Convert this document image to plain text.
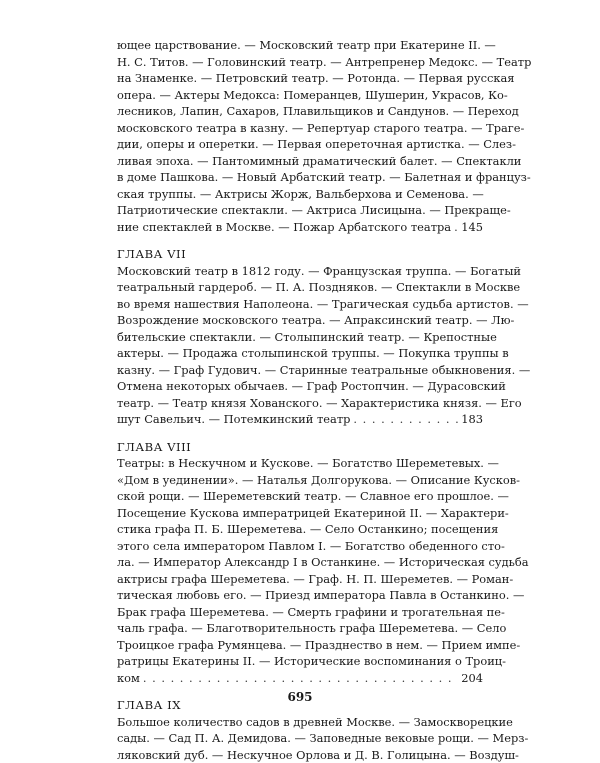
ющее царствование. — Московский театр при Екатерине II. —
Н. С. Титов. — Головинский театр. — Антрепренер Медокс. — Театр
на Знаменке. — Петровский театр. — Ротонда. — Первая русская
опера. — Актеры Медокса: Померанцев, Шушерин, Украсов, Ко-
лесников, Лапин, Сахаров, Плавильщиков и Сандунов. — Переход
московского театра в казну. — Репертуар старого театра. — Траге-
дии, оперы и оперетки. — Первая опереточная артистка. — Слез-
ливая эпоха. — Пантомимный драматический балет. — Спектакли
в доме Пашкова. — Новый Арбатский театр. — Балетная и француз-
ская труппы. — Актрисы Жорж, Вальберхова и Семенова. —
Патриотические спектакли. — Актриса Лисицына. — Прекраще-
ние спектаклей в Москве. — Пожар Арбатского театра . . . 145
ГЛАВА VII
Московский театр в 1812 году. — Французская труппа. — Богатый
театральный гардероб. — П. А. Поздняков. — Спектакли в Москве
во время нашествия Наполеона. — Трагическая судьба артистов. —
Возрождение московского театра. — Апраксинский театр. — Лю-
бительские спектакли. — Столыпинский театр. — Крепостные
актеры. — Продажа столыпинской труппы. — Покупка труппы в
казну. — Граф Гудович. — Старинные театральные обыкновения. —
Отмена некоторых обычаев. — Граф Ростопчин. — Дурасовский
театр. — Театр князя Хованского. — Характеристика князя. — Его
шут Савельич. — Потемкинский театр . . .	183
ГЛАВА VIII
Театры: в Нескучном и Кускове. — Богатство Шереметевых. —
«Дом в уединении». — Наталья Долгорукова. — Описание Кусков-
ской рощи. — Шереметевский театр. — Славное его прошлое. —
Посещение Кускова императрицей Екатериной II. — Характери-
стика графа П. Б. Шереметева. — Село Останкино; посещения
этого села императором Павлом I. — Богатство обеденного сто-
ла. — Император Александр I в Останкине. — Историческая судьба
актрисы графа Шереметева. — Граф. Н. П. Шереметев. — Роман-
тическая любовь его. — Приезд императора Павла в Останкино. —
Брак графа Шереметева. — Смерть графини и трогательная пе-
чаль графа. — Благотворительность графа Шереметева. — Село
Троицкое графа Румянцева. — Празднество в нем. — Прием импе-
ратрицы Екатерины II. — Исторические воспоминания о Троиц-
ком . . .	204
ГЛАВА IX
Большое количество садов в древней Москве. — Замоскворецкие
сады. — Сад П. А. Демидова. — Заповедные вековые рощи. — Мерз-
ляковский дуб. — Нескучное Орлова и Д. В. Голицына. — Воздуш-
695
